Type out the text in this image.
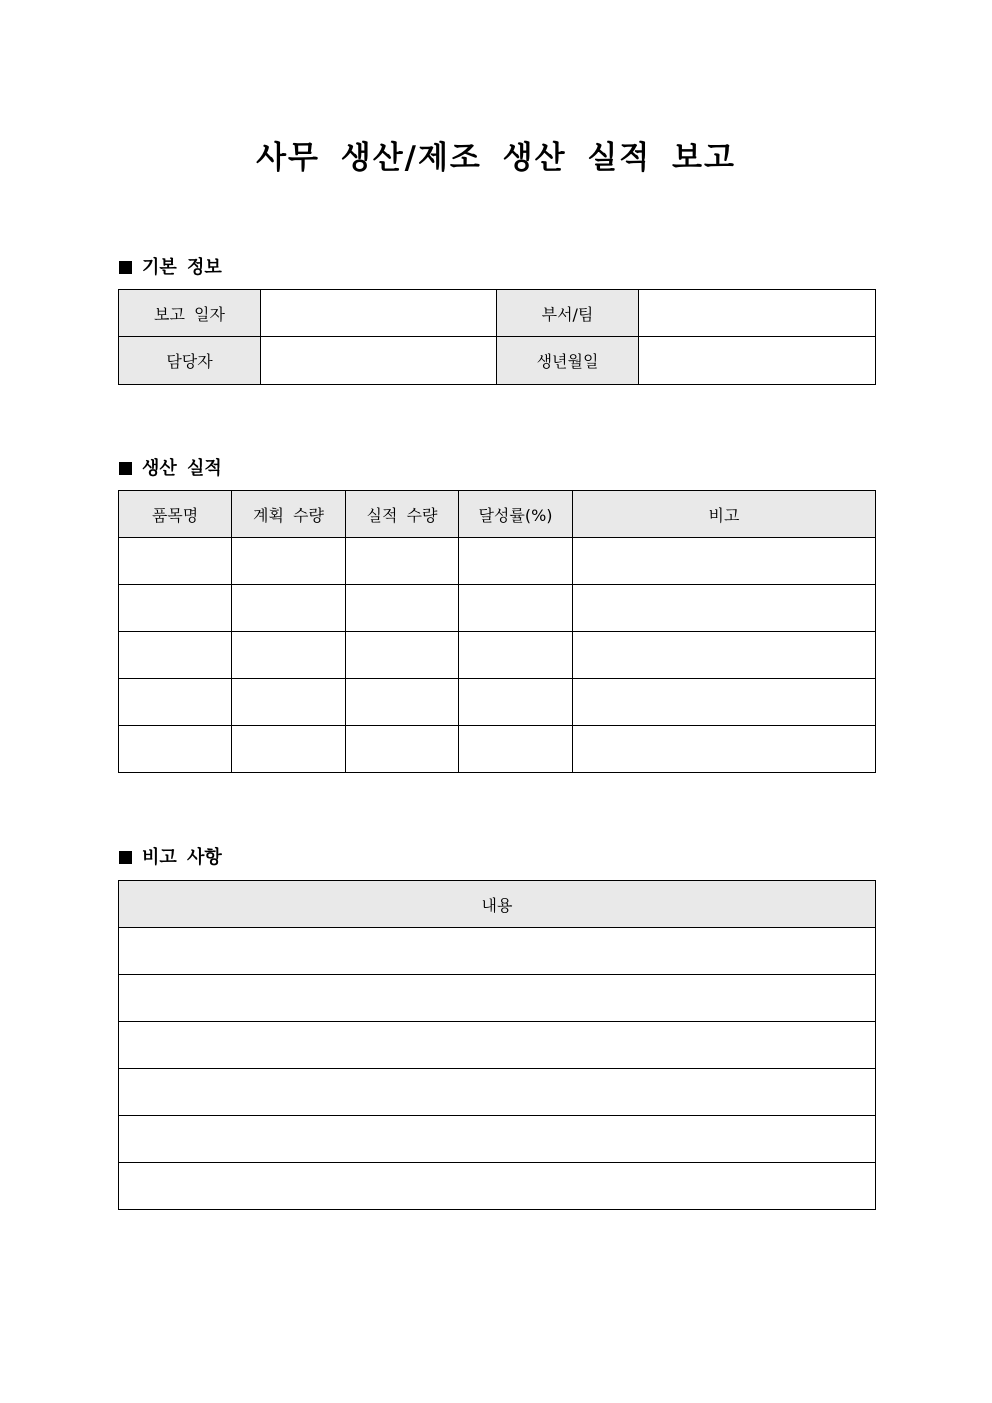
사무 생산/제조 생산 실적 보고
기본 정보
보고 일자		부서/팀	
담당자		생년월일	
생산 실적
품목명	계획 수량	실적 수량	달성률(%)	비고

비고 사항
내용
